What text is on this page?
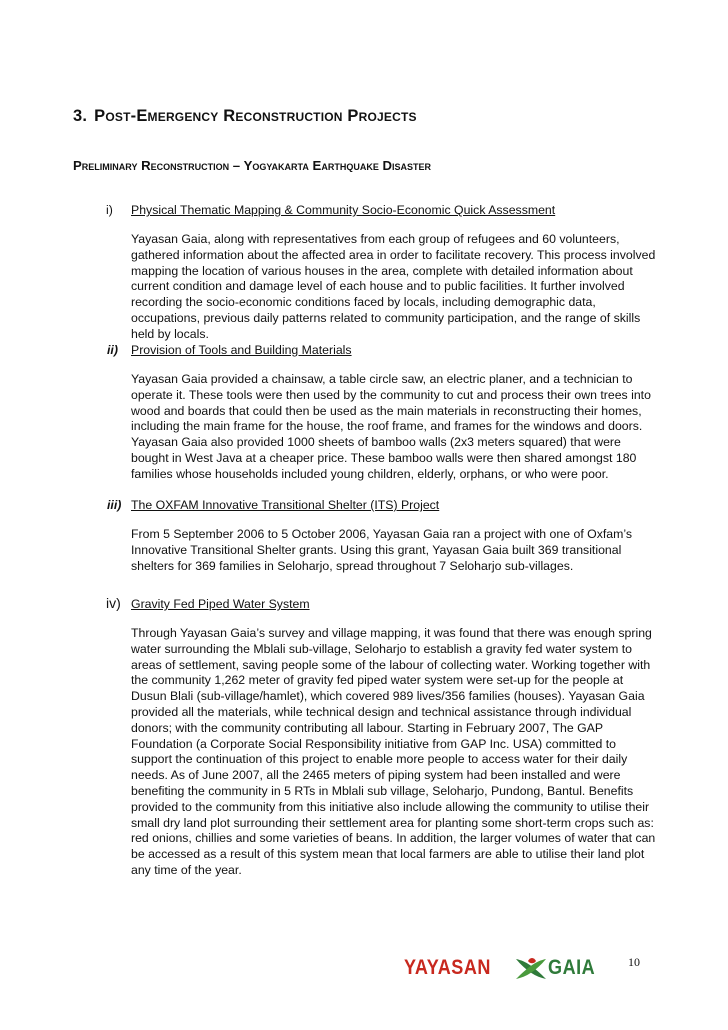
3. Post-Emergency Reconstruction Projects
Preliminary Reconstruction – Yogyakarta Earthquake Disaster
i) Physical Thematic Mapping & Community Socio-Economic Quick Assessment

Yayasan Gaia, along with representatives from each group of refugees and 60 volunteers, gathered information about the affected area in order to facilitate recovery. This process involved mapping the location of various houses in the area, complete with detailed information about current condition and damage level of each house and to public facilities. It further involved recording the socio-economic conditions faced by locals, including demographic data, occupations, previous daily patterns related to community participation, and the range of skills held by locals.

ii) Provision of Tools and Building Materials

Yayasan Gaia provided a chainsaw, a table circle saw, an electric planer, and a technician to operate it. These tools were then used by the community to cut and process their own trees into wood and boards that could then be used as the main materials in reconstructing their homes, including the main frame for the house, the roof frame, and frames for the windows and doors. Yayasan Gaia also provided 1000 sheets of bamboo walls (2x3 meters squared) that were bought in West Java at a cheaper price. These bamboo walls were then shared amongst 180 families whose households included young children, elderly, orphans, or who were poor.

iii) The OXFAM Innovative Transitional Shelter (ITS) Project

From 5 September 2006 to 5 October 2006, Yayasan Gaia ran a project with one of Oxfam’s Innovative Transitional Shelter grants. Using this grant, Yayasan Gaia built 369 transitional shelters for 369 families in Seloharjo, spread throughout 7 Seloharjo sub-villages.

iv) Gravity Fed Piped Water System

Through Yayasan Gaia’s survey and village mapping, it was found that there was enough spring water surrounding the Mblali sub-village, Seloharjo to establish a gravity fed water system to areas of settlement, saving people some of the labour of collecting water. Working together with the community 1,262 meter of gravity fed piped water system were set-up for the people at Dusun Blali (sub-village/hamlet), which covered 989 lives/356 families (houses). Yayasan Gaia provided all the materials, while technical design and technical assistance through individual donors; with the community contributing all labour. Starting in February 2007, The GAP Foundation (a Corporate Social Responsibility initiative from GAP Inc. USA) committed to support the continuation of this project to enable more people to access water for their daily needs. As of June 2007, all the 2465 meters of piping system had been installed and were benefiting the community in 5 RTs in Mblali sub village, Seloharjo, Pundong, Bantul. Benefits provided to the community from this initiative also include allowing the community to utilise their small dry land plot surrounding their settlement area for planting some short-term crops such as: red onions, chillies and some varieties of beans. In addition, the larger volumes of water that can be accessed as a result of this system mean that local farmers are able to utilise their land plot any time of the year.

YAYASAN	GAIA	10
